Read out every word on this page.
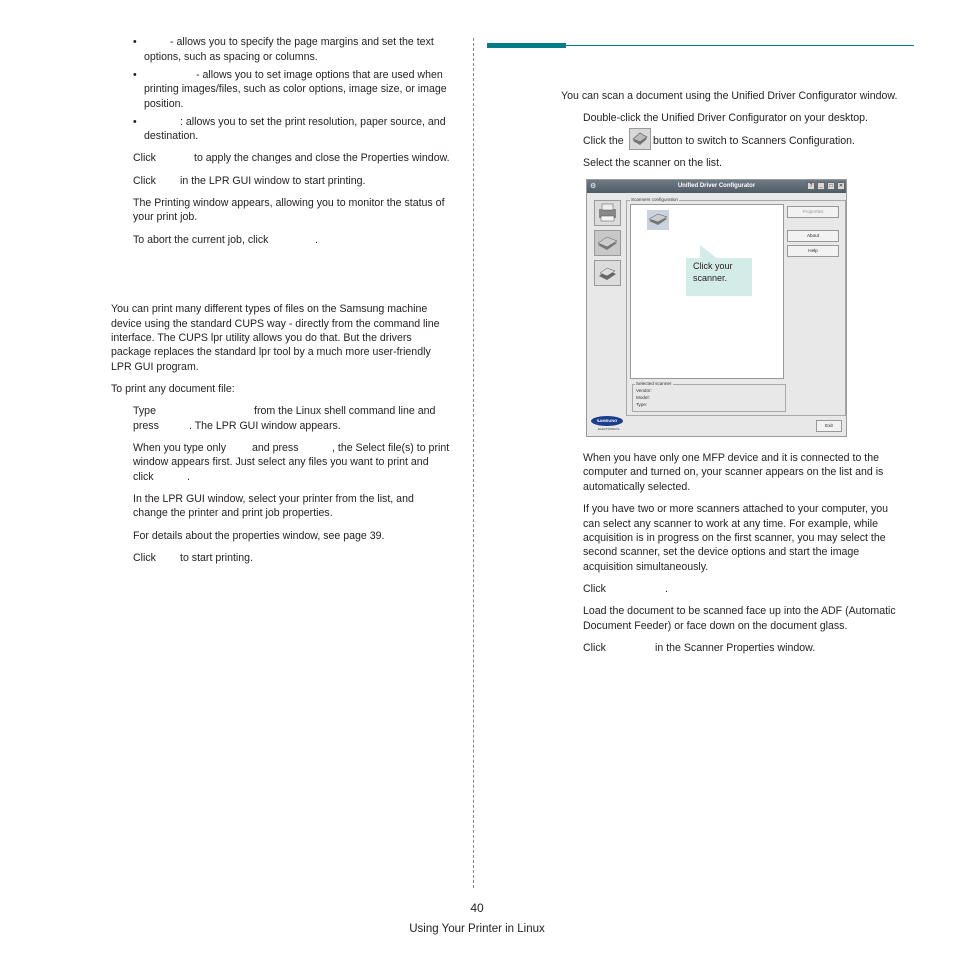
•	- allows you to specify the page margins and set the text
options, such as spacing or columns.
•	- allows you to set image options that are used when
printing images/files, such as color options, image size, or image
position.
•	: allows you to set the print resolution, paper source, and
destination.
Click	to apply the changes and close the Properties window.
Click in the LPR GUI window to start printing.
The Printing window appears, allowing you to monitor the status of
your print job.
To abort the current job, click	.
You can print many different types of files on the Samsung machine
device using the standard CUPS way - directly from the command line
interface. The CUPS lpr utility allows you do that. But the drivers
package replaces the standard lpr tool by a much more user-friendly
LPR GUI program.
To print any document file:
Type	from the Linux shell command line and
press	. The LPR GUI window appears.
When you type only and press	, the Select file(s) to print
window appears first. Just select any files you want to print and
click	.
In the LPR GUI window, select your printer from the list, and
change the printer and print job properties.
For details about the properties window, see page 39.
Click to start printing.
You can scan a document using the Unified Driver Configurator window.
Double-click the Unified Driver Configurator on your desktop.
Click the	button to switch to Scanners Configuration.
Select the scanner on the list.
Unified Driver Configurator
⚙	?	_	□	✕
Scanners configuration
Properties
About
Help
Selected scanner
Vendor:
Model:
Type:
SAMSUNG
ELECTRONICS
Exit
Click your
scanner.
When you have only one MFP device and it is connected to the
computer and turned on, your scanner appears on the list and is
automatically selected.
If you have two or more scanners attached to your computer, you
can select any scanner to work at any time. For example, while
acquisition is in progress on the first scanner, you may select the
second scanner, set the device options and start the image
acquisition simultaneously.
Click	.
Load the document to be scanned face up into the ADF (Automatic
Document Feeder) or face down on the document glass.
Click	in the Scanner Properties window.
40
Using Your Printer in Linux
